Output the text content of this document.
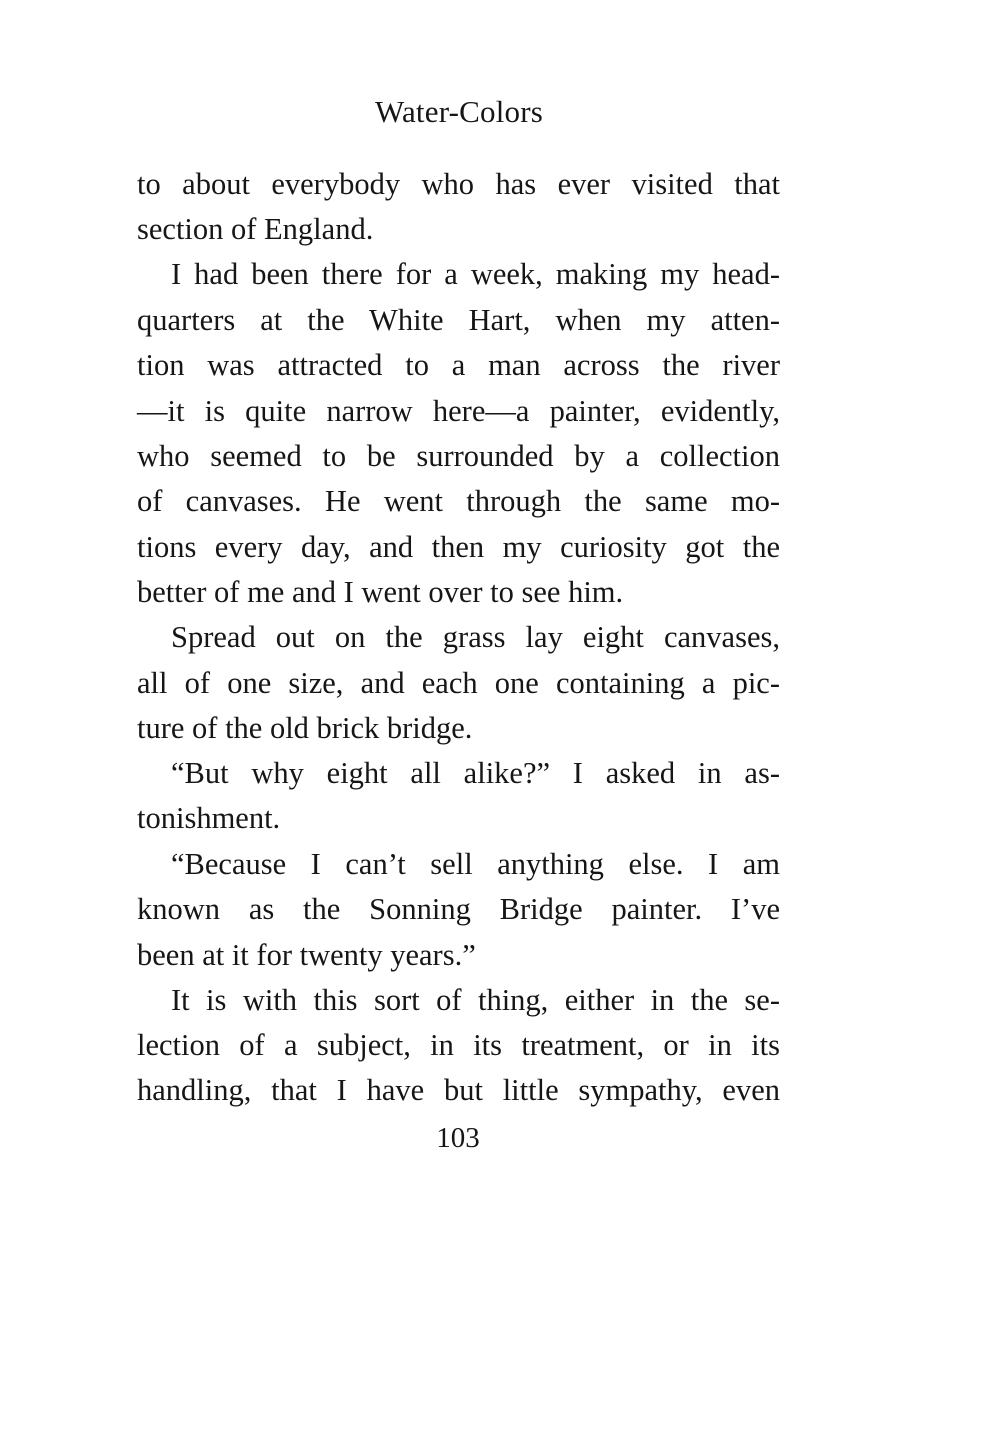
Water-Colors
to about everybody who has ever visited that
section of England.
I had been there for a week, making my head-
quarters at the White Hart, when my atten-
tion was attracted to a man across the river
—it is quite narrow here—a painter, evidently,
who seemed to be surrounded by a collection
of canvases. He went through the same mo-
tions every day, and then my curiosity got the
better of me and I went over to see him.
Spread out on the grass lay eight canvases,
all of one size, and each one containing a pic-
ture of the old brick bridge.
“But why eight all alike?” I asked in as-
tonishment.
“Because I can’t sell anything else. I am
known as the Sonning Bridge painter. I’ve
been at it for twenty years.”
It is with this sort of thing, either in the se-
lection of a subject, in its treatment, or in its
handling, that I have but little sympathy, even
103
